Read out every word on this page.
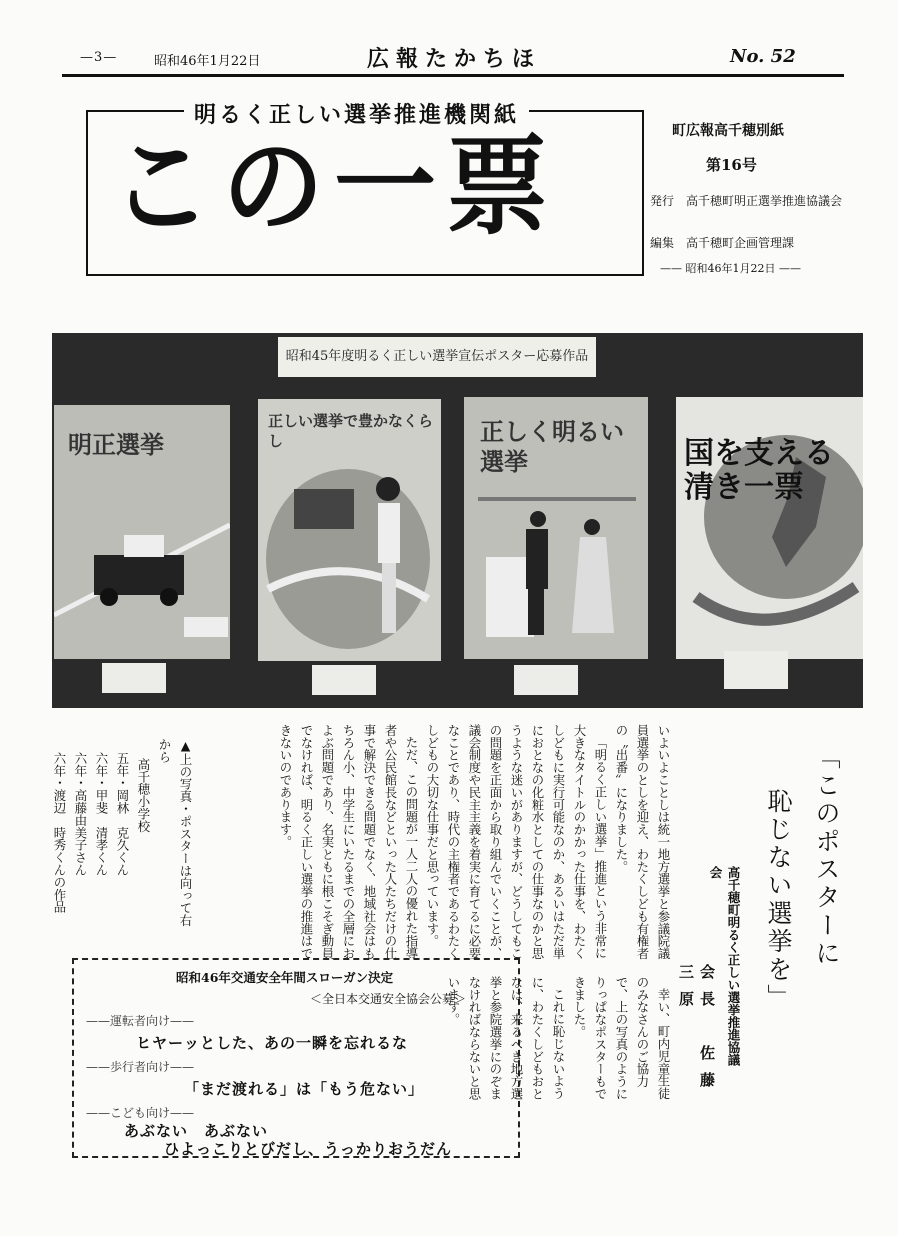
—3—	昭和46年1月22日	広報たかちほ	No. 52
明るく正しい選挙推進機関紙
この一票	町広報高千穂別紙
第16号
発行　高千穂町明正選挙推進協議会
編集　高千穂町企画管理課
—— 昭和46年1月22日 ——
昭和45年度明るく正しい選挙宣伝ポスター応募作品
明正選挙
正しい選挙で豊かなくらし	正しく明るい選挙	国を支える清き一票
「このポスターに
恥じない選挙を」
高千穂町明るく正しい選挙推進協議会
会長　佐藤三原

いよいよことしは統一地方選挙と参議院議員選挙のとしを迎え、わたくしども有権者の〝出番〟になりました。

「明るく正しい選挙」推進という非常に大きなタイトルのかかった仕事を、わたくしどもに実行可能なのか、あるいはただ単におとなの化粧水としての仕事なのかと思うような迷いがありますが、どうしてもこの問題を正面から取り組んでいくことが、議会制度や民主主義を着実に育てるに必要なことであり、時代の主権者であるわたくしどもの大切な仕事だと思っています。

ただ、この問題が一人二人の優れた指導者や公民館長などといった人たちだけの仕事で解決できる問題でなく、地域社会はもちろん小、中学生にいたるまでの全層におよぶ問題であり、名実ともに根こそぎ動員でなければ、明るく正しい選挙の推進はできないのであります。

幸い、町内児童生徒のみなさんのご協力で、上の写真のようにりっぱなポスターもできました。

これに恥じないように、わたくしどもおとなは、来るべき地方選挙と参院選挙にのぞまなければならないと思います。

▲上の写真・ポスターは向って右から
高千穂小学校
五年・岡林　克久くん
六年・甲斐　清孝くん
六年・高藤由美子さん
六年・渡辺　時秀くんの作品
昭和46年交通安全年間スローガン決定
＜全日本交通安全協会公募＞
——運転者向け——
ヒヤーッとした、あの一瞬を忘れるな
——歩行者向け——
「まだ渡れる」は「もう危ない」
——こども向け——
あぶない　あぶない
ひよっこりとびだし、うっかりおうだん
